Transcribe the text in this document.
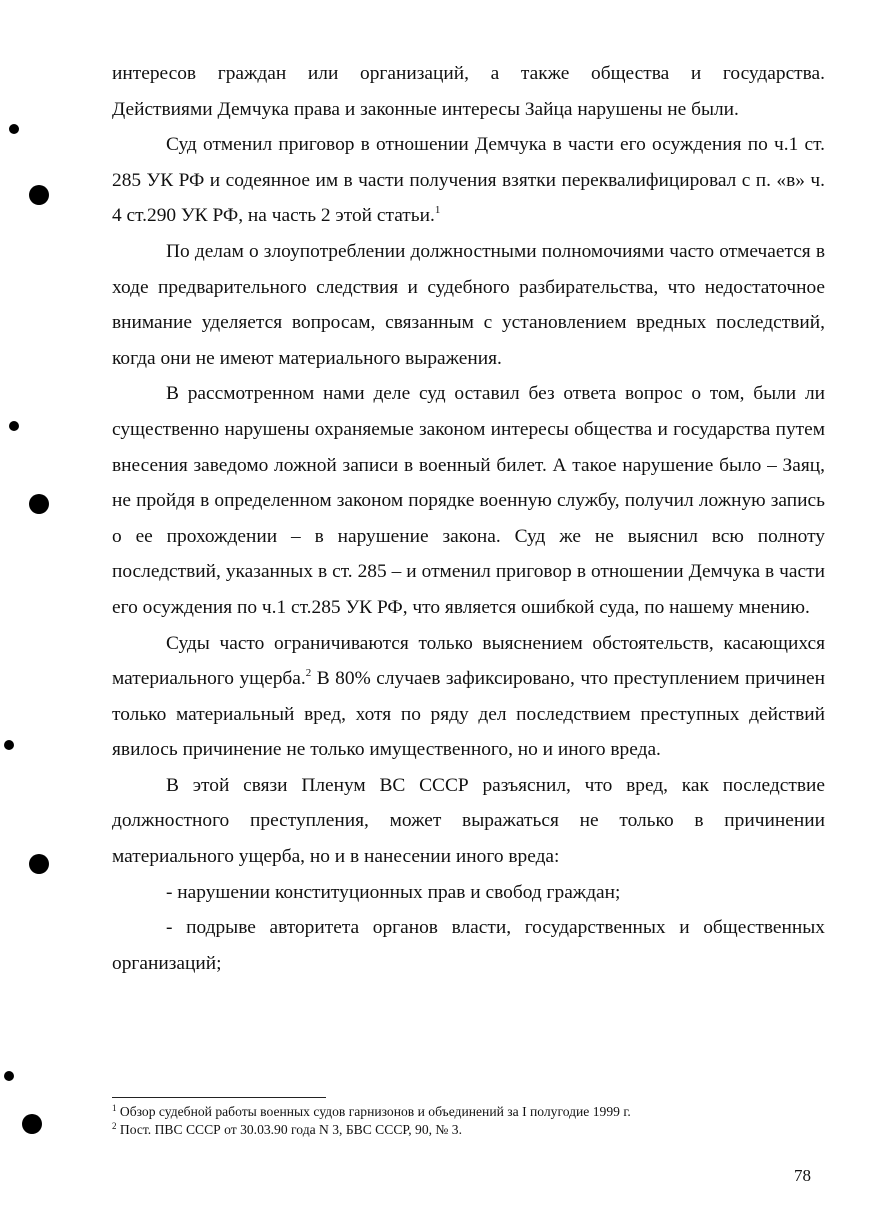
интересов граждан или организаций, а также общества и государства.

Действиями Демчука права и законные интересы Зайца нарушены не были.

Суд отменил приговор в отношении Демчука в части его осуждения по ч.1 ст. 285 УК РФ и содеянное им в части получения взятки переквалифицировал с п. «в» ч. 4 ст.290 УК РФ, на часть 2 этой статьи.$^1$

По делам о злоупотреблении должностными полномочиями часто отмечается в ходе предварительного следствия и судебного разбирательства, что недостаточное внимание уделяется вопросам, связанным с установлением вредных последствий, когда они не имеют материального выражения.

В рассмотренном нами деле суд оставил без ответа вопрос о том, были ли существенно нарушены охраняемые законом интересы общества и государства путем внесения заведомо ложной записи в военный билет. А такое нарушение было – Заяц, не пройдя в определенном законом порядке военную службу, получил ложную запись о ее прохождении – в нарушение закона. Суд же не выяснил всю полноту последствий, указанных в ст. 285 – и отменил приговор в отношении Демчука в части его осуждения по ч.1 ст.285 УК РФ, что является ошибкой суда, по нашему мнению.

Суды часто ограничиваются только выяснением обстоятельств, касающихся материального ущерба.$^2$ В 80% случаев зафиксировано, что преступлением причинен только материальный вред, хотя по ряду дел последствием преступных действий явилось причинение не только имущественного, но и иного вреда.

В этой связи Пленум ВС СССР разъяснил, что вред, как последствие должностного преступления, может выражаться не только в причинении материального ущерба, но и в нанесении иного вреда:

- нарушении конституционных прав и свобод граждан;

- подрыве авторитета органов власти, государственных и общественных организаций;

$^1$ Обзор судебной работы военных судов гарнизонов и объединений за I полугодие 1999 г.
$^2$ Пост. ПВС СССР от 30.03.90 года N 3, БВС СССР, 90, № 3.
78
